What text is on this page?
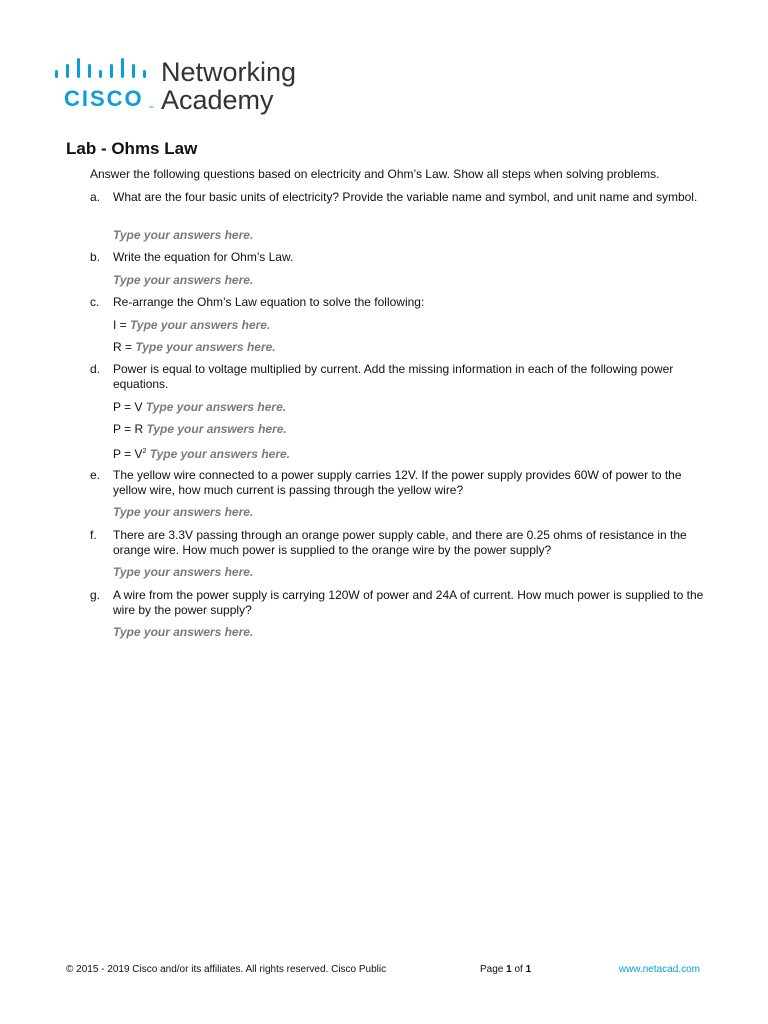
CISCO ™
Networking
Academy
Lab - Ohms Law
Answer the following questions based on electricity and Ohm’s Law. Show all steps when solving problems.
a.	What are the four basic units of electricity? Provide the variable name and symbol, and unit name and symbol.
Type your answers here.
b.	Write the equation for Ohm’s Law.
Type your answers here.
c.	Re-arrange the Ohm’s Law equation to solve the following:
I = Type your answers here.
R = Type your answers here.
d.	Power is equal to voltage multiplied by current. Add the missing information in each of the following power equations.
P = V Type your answers here.
P = R Type your answers here.
$P = V^2$ Type your answers here.
e.	The yellow wire connected to a power supply carries 12V. If the power supply provides 60W of power to the yellow wire, how much current is passing through the yellow wire?
Type your answers here.
f.	There are 3.3V passing through an orange power supply cable, and there are 0.25 ohms of resistance in the orange wire. How much power is supplied to the orange wire by the power supply?
Type your answers here.
g.	A wire from the power supply is carrying 120W of power and 24A of current. How much power is supplied to the wire by the power supply?
Type your answers here.
© 2015 - 2019 Cisco and/or its affiliates. All rights reserved. Cisco Public	Page 1 of 1	www.netacad.com
